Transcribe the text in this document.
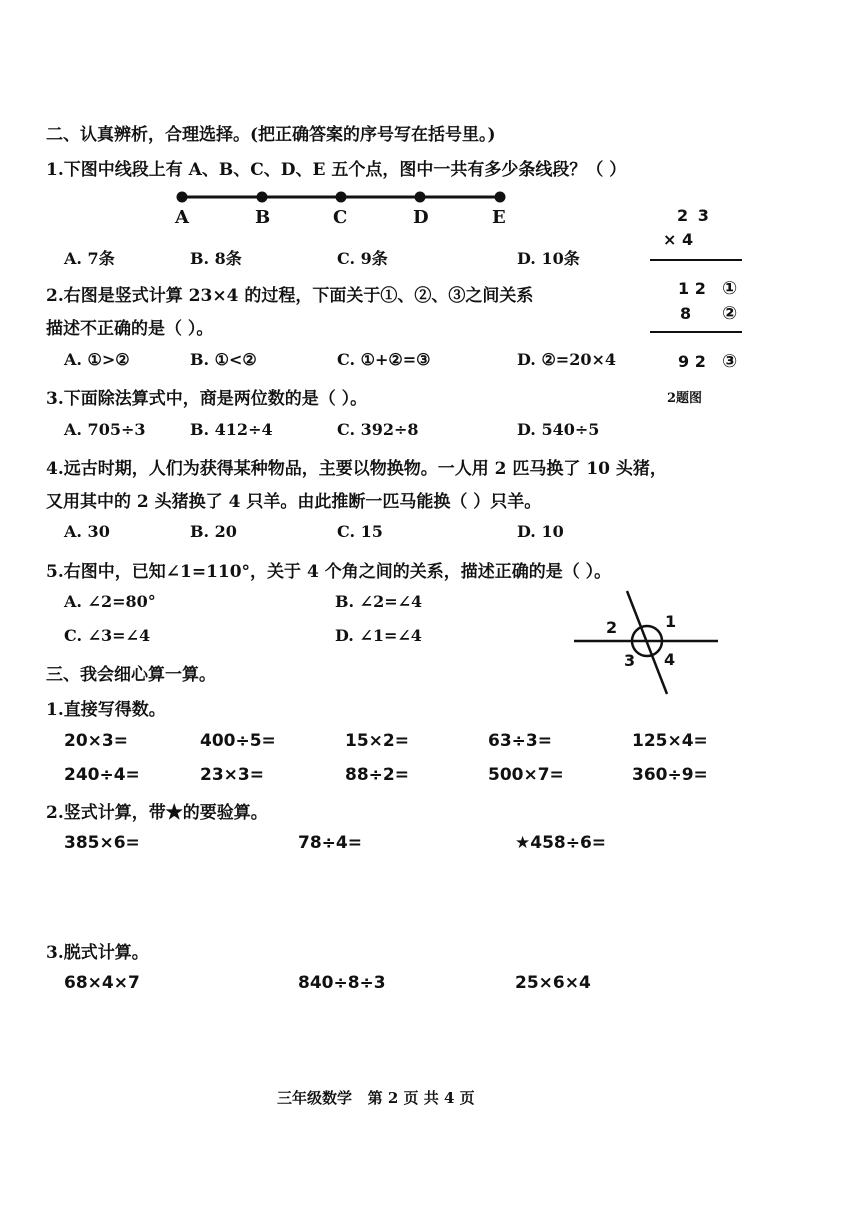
二、认真辨析，合理选择。(把正确答案的序号写在括号里。)
1.下图中线段上有 A、B、C、D、E 五个点，图中一共有多少条线段？（ ）
A	B	C	D	E
A. 7条	B. 8条	C. 9条	D. 10条
2 3
× 4
1 2 ①
8 ②
9 2 ③
2题图
2.右图是竖式计算 23×4 的过程，下面关于①、②、③之间关系
描述不正确的是（ ）。
A. ①>②	B. ①<②	C. ①+②=③	D. ②=20×4
3.下面除法算式中，商是两位数的是（ ）。
A. 705÷3	B. 412÷4	C. 392÷8	D. 540÷5
4.远古时期，人们为获得某种物品，主要以物换物。一人用 2 匹马换了 10 头猪，
又用其中的 2 头猪换了 4 只羊。由此推断一匹马能换（ ）只羊。
A. 30	B. 20	C. 15	D. 10
5.右图中，已知∠1=110°，关于 4 个角之间的关系，描述正确的是（ ）。
A. ∠2=80°	B. ∠2=∠4
C. ∠3=∠4	D. ∠1=∠4
1
2
3 4
三、我会细心算一算。
1.直接写得数。
20×3=	400÷5=	15×2=	63÷3=	125×4=
240÷4=	23×3=	88÷2=	500×7=	360÷9=
2.竖式计算，带★的要验算。
385×6=	78÷4=	★458÷6=
3.脱式计算。
68×4×7	840÷8÷3	25×6×4
三年级数学   第 2 页 共 4 页
